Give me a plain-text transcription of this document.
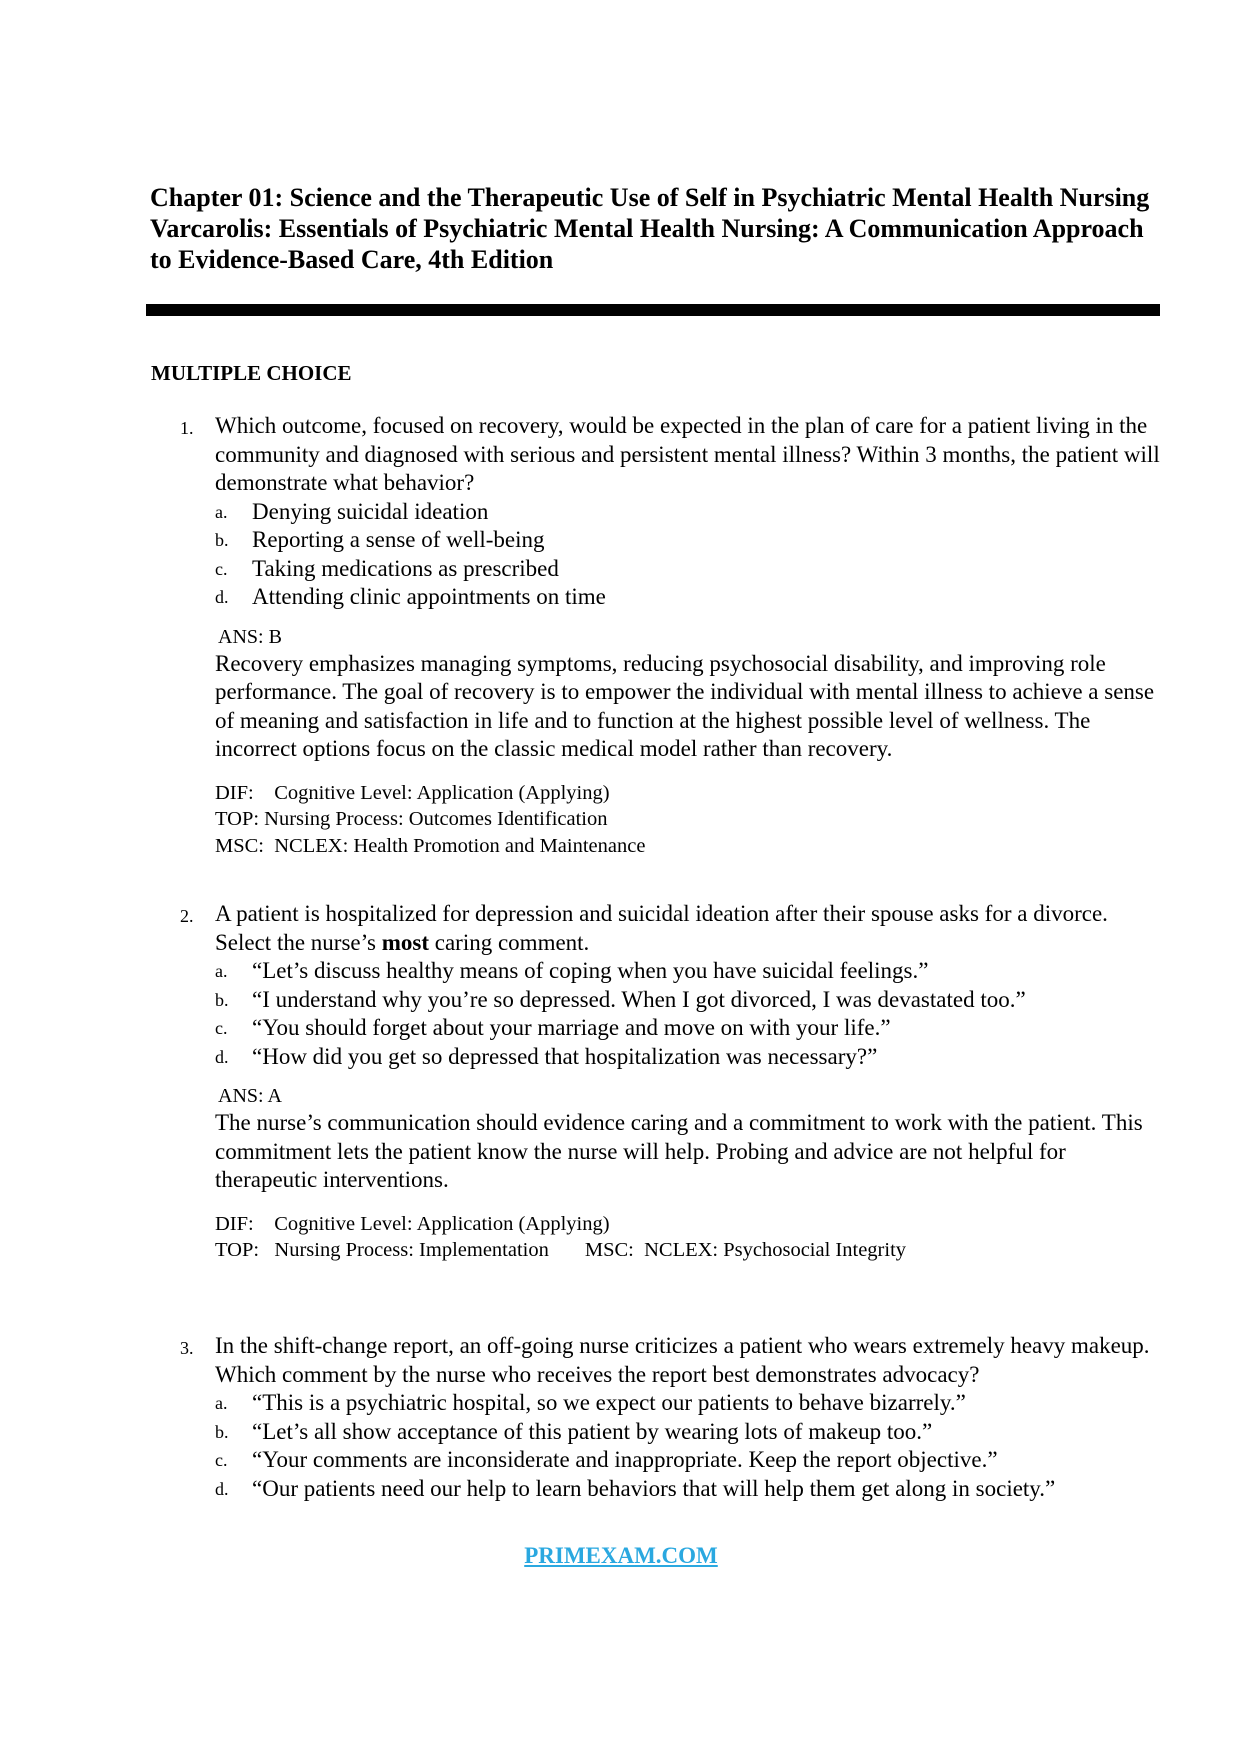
Chapter 01: Science and the Therapeutic Use of Self in Psychiatric Mental Health Nursing

Varcarolis: Essentials of Psychiatric Mental Health Nursing: A Communication Approach to Evidence-Based Care, 4th Edition

MULTIPLE CHOICE
1. Which outcome, focused on recovery, would be expected in the plan of care for a patient living in the community and diagnosed with serious and persistent mental illness? Within 3 months, the patient will demonstrate what behavior?
a. Denying suicidal ideation
b. Reporting a sense of well-being
c. Taking medications as prescribed
d. Attending clinic appointments on time
ANS: B
Recovery emphasizes managing symptoms, reducing psychosocial disability, and improving role performance. The goal of recovery is to empower the individual with mental illness to achieve a sense of meaning and satisfaction in life and to function at the highest possible level of wellness. The incorrect options focus on the classic medical model rather than recovery.
DIF:    Cognitive Level: Application (Applying)
TOP: Nursing Process: Outcomes Identification
MSC:  NCLEX: Health Promotion and Maintenance
2. A patient is hospitalized for depression and suicidal ideation after their spouse asks for a divorce. Select the nurse’s most caring comment.
a. “Let’s discuss healthy means of coping when you have suicidal feelings.”
b. “I understand why you’re so depressed. When I got divorced, I was devastated too.”
c. “You should forget about your marriage and move on with your life.”
d. “How did you get so depressed that hospitalization was necessary?”
ANS: A
The nurse’s communication should evidence caring and a commitment to work with the patient. This commitment lets the patient know the nurse will help. Probing and advice are not helpful for therapeutic interventions.
DIF:    Cognitive Level: Application (Applying)
TOP:   Nursing Process: Implementation MSC:  NCLEX: Psychosocial Integrity
3. In the shift-change report, an off-going nurse criticizes a patient who wears extremely heavy makeup. Which comment by the nurse who receives the report best demonstrates advocacy?
a. “This is a psychiatric hospital, so we expect our patients to behave bizarrely.”
b. “Let’s all show acceptance of this patient by wearing lots of makeup too.”
c. “Your comments are inconsiderate and inappropriate. Keep the report objective.”
d. “Our patients need our help to learn behaviors that will help them get along in society.”
PRIMEXAM.COM
